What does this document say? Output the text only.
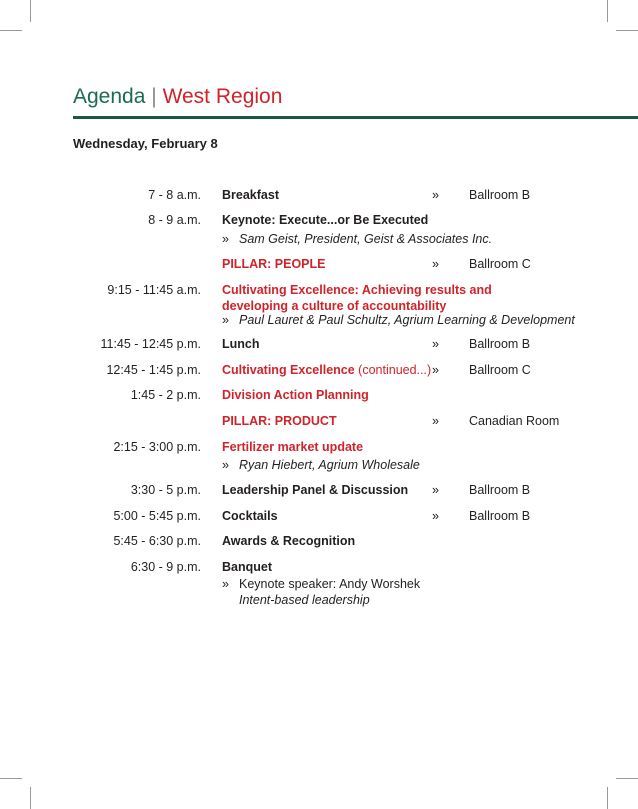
Agenda | West Region
Wednesday, February 8
7 - 8 a.m. Breakfast	» Ballroom B
8 - 9 a.m. Keynote: Execute...or Be Executed
» Sam Geist, President, Geist & Associates Inc.
PILLAR: PEOPLE	» Ballroom C
9:15 - 11:45 a.m. Cultivating Excellence: Achieving results and developing a culture of accountability
» Paul Lauret & Paul Schultz, Agrium Learning & Development
11:45 - 12:45 p.m. Lunch	» Ballroom B
12:45 - 1:45 p.m. Cultivating Excellence (continued...) » Ballroom C
1:45 - 2 p.m. Division Action Planning
PILLAR: PRODUCT	» Canadian Room
2:15 - 3:00 p.m. Fertilizer market update
» Ryan Hiebert, Agrium Wholesale
3:30 - 5 p.m. Leadership Panel & Discussion	» Ballroom B
5:00 - 5:45 p.m. Cocktails	» Ballroom B
5:45 - 6:30 p.m. Awards & Recognition
6:30 - 9 p.m. Banquet
» Keynote speaker: Andy Worshek
Intent-based leadership
